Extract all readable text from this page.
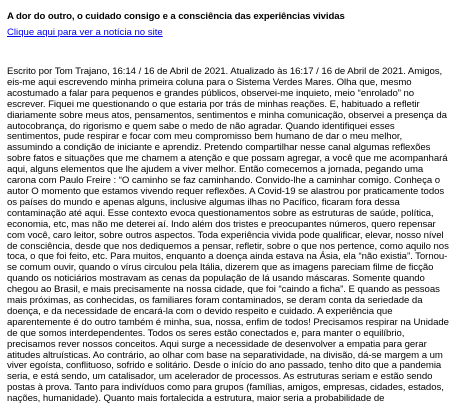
A dor do outro, o cuidado consigo e a consciência das experiências vividas
Clique aqui para ver a notícia no site

Escrito por Tom Trajano, 16:14 / 16 de Abril de 2021. Atualizado às 16:17 / 16 de Abril de 2021. Amigos, eis-me aqui escrevendo minha primeira coluna para o Sistema Verdes Mares. Olha que, mesmo acostumado a falar para pequenos e grandes públicos, observei-me inquieto, meio “enrolado” no escrever. Fiquei me questionando o que estaria por trás de minhas reações. E, habituado a refletir diariamente sobre meus atos, pensamentos, sentimentos e minha comunicação, observei a presença da autocobrança, do rigorismo e quem sabe o medo de não agradar. Quando identifiquei esses sentimentos, pude respirar e focar com meu compromisso bem humano de dar o meu melhor, assumindo a condição de iniciante e aprendiz. Pretendo compartilhar nesse canal algumas reflexões sobre fatos e situações que me chamem a atenção e que possam agregar, a você que me acompanhará aqui, alguns elementos que lhe ajudem a viver melhor. Então comecemos a jornada, pegando uma carona com Paulo Freire : “O caminho se faz caminhando. Convido-lhe a caminhar comigo. Conheça o autor O momento que estamos vivendo requer reflexões. A Covid-19 se alastrou por praticamente todos os países do mundo e apenas alguns, inclusive algumas ilhas no Pacífico, ficaram fora dessa contaminação até aqui. Esse contexto evoca questionamentos sobre as estruturas de saúde, política, economia, etc, mas não me deterei aí. Indo além dos tristes e preocupantes números, quero repensar com você, caro leitor, sobre outros aspectos. Toda experiência vivida pode qualificar, elevar, nosso nível de consciência, desde que nos dediquemos a pensar, refletir, sobre o que nos pertence, como aquilo nos toca, o que foi feito, etc. Para muitos, enquanto a doença ainda estava na Ásia, ela “não existia”. Tornou-se comum ouvir, quando o vírus circulou pela Itália, dizerem que as imagens pareciam filme de ficção quando os noticiários mostravam as cenas da população de lá usando máscaras. Somente quando chegou ao Brasil, e mais precisamente na nossa cidade, que foi “caindo a ficha”. E quando as pessoas mais próximas, as conhecidas, os familiares foram contaminados, se deram conta da seriedade da doença, e da necessidade de encará-la com o devido respeito e cuidado. A experiência que aparentemente é do outro também é minha, sua, nossa, enfim de todos! Precisamos respirar na Unidade de que somos interdependentes. Todos os seres estão conectados e, para manter o equilíbrio, precisamos rever nossos conceitos. Aqui surge a necessidade de desenvolver a empatia para gerar atitudes altruísticas. Ao contrário, ao olhar com base na separatividade, na divisão, dá-se margem a um viver egoísta, conflituoso, sofrido e solitário. Desde o início do ano passado, tenho dito que a pandemia seria, e está sendo, um catalisador, um acelerador de processos. As estruturas seriam e estão sendo postas à prova. Tanto para indivíduos como para grupos (famílias, amigos, empresas, cidades, estados, nações, humanidade). Quanto mais fortalecida a estrutura, maior seria a probabilidade de
